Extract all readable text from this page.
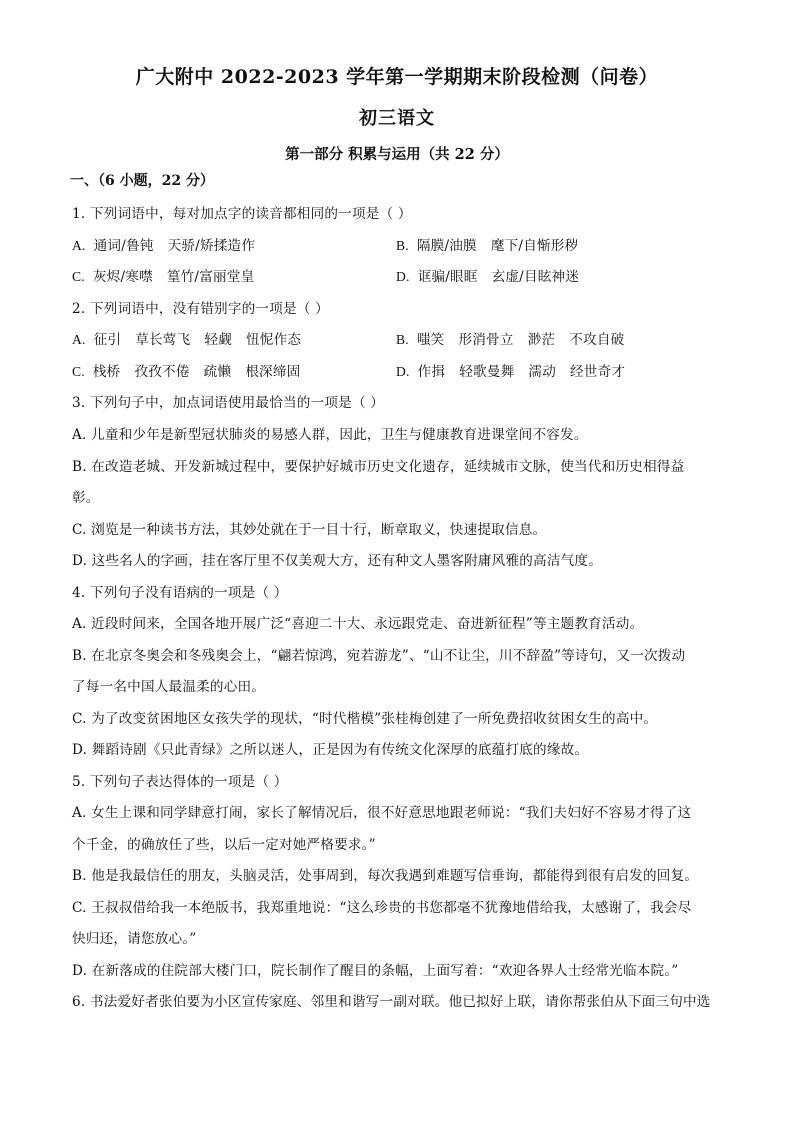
广大附中 2022-2023 学年第一学期期末阶段检测（问卷）
初三语文
第一部分 积累与运用（共 22 分）
一、（6 小题，22 分）
1. 下列词语中，每对加点字的读音都相同的一项是（ ）
A. 通词/鲁钝 天骄/矫揉造作	B. 隔膜/油膜 麾下/自惭形秽
C. 灰烬/寒噤 篁竹/富丽堂皇	D. 诓骗/眼眶 玄虚/目眩神迷
2. 下列词语中，没有错别字的一项是（ ）
A. 征引 草长莺飞 轻觑 忸怩作态	B. 嗤笑 形消骨立 渺茫 不攻自破
C. 栈桥 孜孜不倦 疏懒 根深缔固	D. 作揖 轻歌曼舞 濡动 经世奇才
3. 下列句子中，加点词语使用最恰当的一项是（ ）
A. 儿童和少年是新型冠状肺炎的易感人群，因此，卫生与健康教育进课堂间不容发。
B. 在改造老城、开发新城过程中，要保护好城市历史文化遗存，延续城市文脉，使当代和历史相得益
彰。
C. 浏览是一种读书方法，其妙处就在于一目十行，断章取义，快速提取信息。
D. 这些名人的字画，挂在客厅里不仅美观大方，还有种文人墨客附庸风雅的高洁气度。
4. 下列句子没有语病的一项是（ ）
A. 近段时间来，全国各地开展广泛“喜迎二十大、永远跟党走、奋进新征程”等主题教育活动。
B. 在北京冬奥会和冬残奥会上，“翩若惊鸿，宛若游龙”、“山不让尘，川不辞盈”等诗句，又一次拨动
了每一名中国人最温柔的心田。
C. 为了改变贫困地区女孩失学的现状，“时代楷模”张桂梅创建了一所免费招收贫困女生的高中。
D. 舞蹈诗剧《只此青绿》之所以迷人，正是因为有传统文化深厚的底蕴打底的缘故。
5. 下列句子表达得体的一项是（ ）
A. 女生上课和同学肆意打闹，家长了解情况后，很不好意思地跟老师说：“我们夫妇好不容易才得了这
个千金，的确放任了些，以后一定对她严格要求。”
B. 他是我最信任的朋友，头脑灵活，处事周到，每次我遇到难题写信垂询，都能得到很有启发的回复。
C. 王叔叔借给我一本绝版书，我郑重地说：“这么珍贵的书您都毫不犹豫地借给我，太感谢了，我会尽
快归还，请您放心。”
D. 在新落成的住院部大楼门口，院长制作了醒目的条幅，上面写着：“欢迎各界人士经常光临本院。”
6. 书法爱好者张伯要为小区宣传家庭、邻里和谐写一副对联。他已拟好上联，请你帮张伯从下面三句中选
